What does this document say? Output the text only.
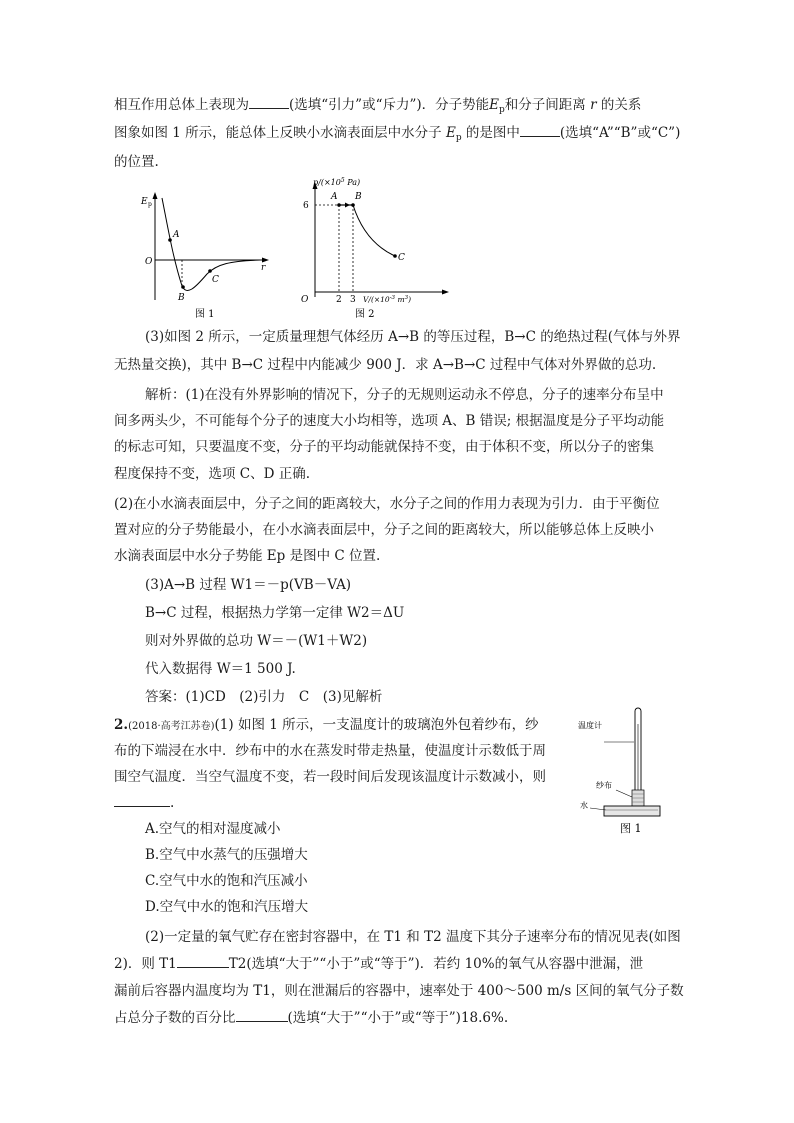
相互作用总体上表现为	(选填“引力”或“斥力”)．分子势能$E_p$和分子间距离 r 的关系
图象如图 1 所示，能总体上反映小水滴表面层中水分子 $E_p$ 的是图中	(选填“A”“B”或“C”)
的位置.
E p
r
O
A
B
C
图 1
$p/(\times 10^5$ Pa)
6
O
A B
C
2 3 $V/(\times 10^{-3}$ $m^3$)
图 2
(3)如图 2 所示，一定质量理想气体经历 A→B 的等压过程，B→C 的绝热过程(气体与外界
无热量交换)，其中 B→C 过程中内能减少 900 J．求 A→B→C 过程中气体对外界做的总功.
解析：(1)在没有外界影响的情况下，分子的无规则运动永不停息，分子的速率分布呈中
间多两头少，不可能每个分子的速度大小均相等，选项 A、B 错误; 根据温度是分子平均动能
的标志可知，只要温度不变，分子的平均动能就保持不变，由于体积不变，所以分子的密集
程度保持不变，选项 C、D 正确.
(2)在小水滴表面层中，分子之间的距离较大，水分子之间的作用力表现为引力．由于平衡位
置对应的分子势能最小，在小水滴表面层中，分子之间的距离较大，所以能够总体上反映小
水滴表面层中水分子势能 Ep 是图中 C 位置.
(3)A→B 过程 W1＝－p(VB－VA)
B→C 过程，根据热力学第一定律 W2＝ΔU
则对外界做的总功 W＝－(W1＋W2)
代入数据得 W＝1 500 J.
答案：(1)CD　(2)引力　C　(3)见解析
2.(2018·高考江苏卷)(1) 如图 1 所示，一支温度计的玻璃泡外包着纱布，纱
布的下端浸在水中．纱布中的水在蒸发时带走热量，使温度计示数低于周
围空气温度．当空气温度不变，若一段时间后发现该温度计示数减小，则
.
A.空气的相对湿度减小
B.空气中水蒸气的压强增大
C.空气中水的饱和汽压减小
D.空气中水的饱和汽压增大
(2)一定量的氧气贮存在密封容器中，在 T1 和 T2 温度下其分子速率分布的情况见表(如图
2)．则 T1	T2(选填“大于”“小于”或“等于”)．若约 10%的氧气从容器中泄漏，泄
漏前后容器内温度均为 T1，则在泄漏后的容器中，速率处于 400～500 m/s 区间的氧气分子数
占总分子数的百分比	(选填“大于”“小于”或“等于”)18.6%.
温度计
纱布
水
图 1
